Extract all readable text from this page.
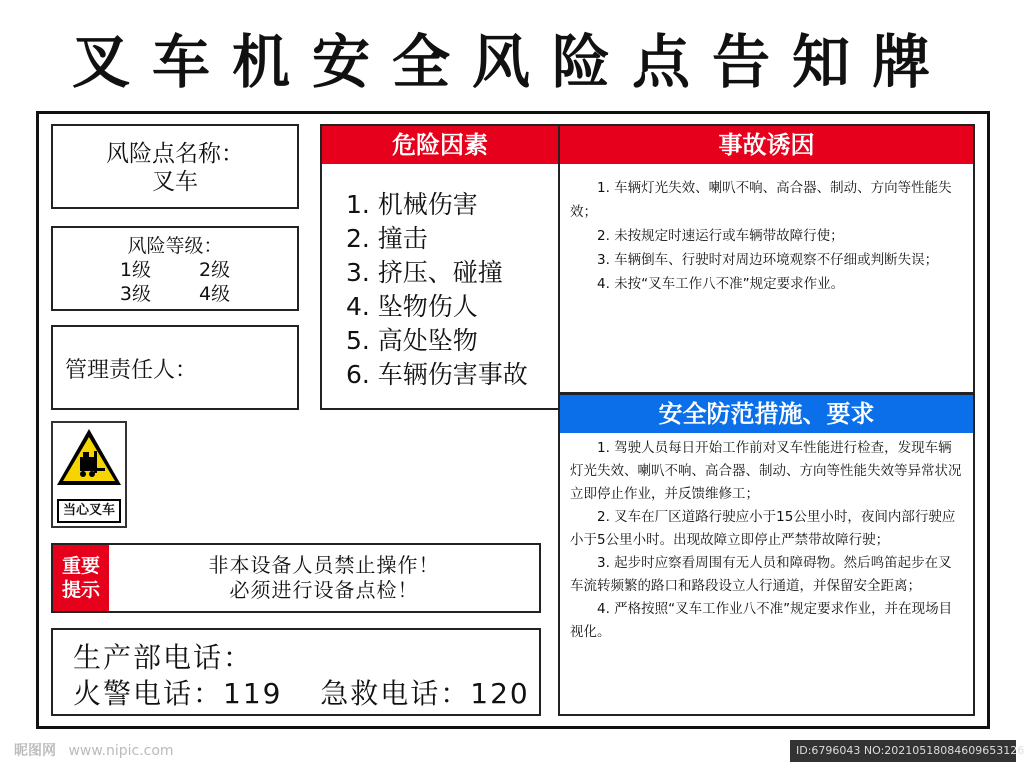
叉车机安全风险点告知牌
风险点名称：
叉车
风险等级：
1级	2级
3级	4级
管理责任人：
当心叉车
重要
提示
非本设备人员禁止操作！
必须进行设备点检！
生产部电话：
火警电话：119 急救电话：120
危险因素
1. 机械伤害
2. 撞击
3. 挤压、碰撞
4. 坠物伤人
5. 高处坠物
6. 车辆伤害事故
事故诱因

1. 车辆灯光失效、喇叭不响、高合器、制动、方向等性能失效；

2. 未按规定时速运行或车辆带故障行使；

3. 车辆倒车、行驶时对周边环境观察不仔细或判断失误；

4. 未按“叉车工作八不准”规定要求作业。

安全防范措施、要求

1. 驾驶人员每日开始工作前对叉车性能进行检查，发现车辆灯光失效、喇叭不响、高合器、制动、方向等性能失效等异常状况立即停止作业，并反馈维修工；

2. 叉车在厂区道路行驶应小于15公里小时，夜间内部行驶应小于5公里小时。出现故障立即停止严禁带故障行驶；

3. 起步时应察看周围有无人员和障碍物。然后鸣笛起步在叉车流转频繁的路口和路段设立人行通道，并保留安全距离；

4. 严格按照“叉车工作业八不准”规定要求作业，并在现场目视化。

昵图网 www.nipic.com	ID:6796043 NO:20210518084609653126
